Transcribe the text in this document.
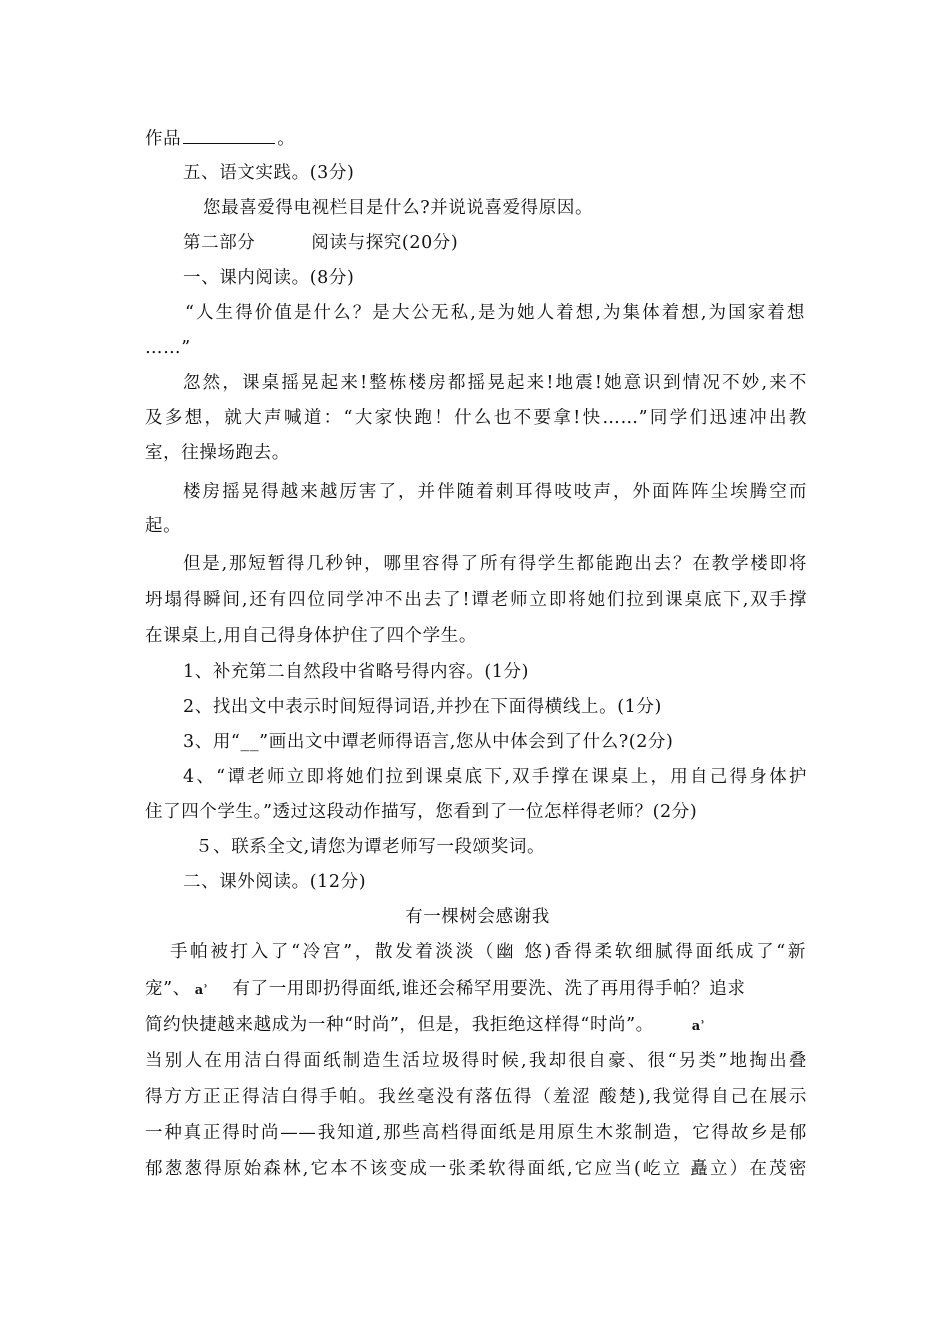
作品	。
五、语文实践。(3分)
您最喜爱得电视栏目是什么?并说说喜爱得原因。
第二部分	阅读与探究(20分)
一、课内阅读。(8分)
“人生得价值是什么？是大公无私,是为她人着想,为集体着想,为国家着想
……”
忽然，课桌摇晃起来!整栋楼房都摇晃起来!地震!她意识到情况不妙,来不
及多想，就大声喊道：“大家快跑！什么也不要拿!快……”同学们迅速冲出教
室，往操场跑去。
楼房摇晃得越来越厉害了，并伴随着刺耳得吱吱声，外面阵阵尘埃腾空而
起。
但是,那短暂得几秒钟，哪里容得了所有得学生都能跑出去？在教学楼即将
坍塌得瞬间,还有四位同学冲不出去了!谭老师立即将她们拉到课桌底下,双手撑
在课桌上,用自己得身体护住了四个学生。
1、补充第二自然段中省略号得内容。(1分)
2、找出文中表示时间短得词语,并抄在下面得横线上。(1分)
3、用“__”画出文中谭老师得语言,您从中体会到了什么?(2分)
4、“谭老师立即将她们拉到课桌底下,双手撑在课桌上，用自己得身体护
住了四个学生。”透过这段动作描写，您看到了一位怎样得老师？(2分)
５、联系全文,请您为谭老师写一段颂奖词。
二、课外阅读。(12分)
有一棵树会感谢我
手帕被打入了“冷宫”，散发着淡淡（幽 悠)香得柔软细腻得面纸成了“新
宠”、 ẚ 有了一用即扔得面纸,谁还会稀罕用要洗、洗了再用得手帕？追求
简约快捷越来越成为一种“时尚”，但是，我拒绝这样得“时尚”。	ẚ
当别人在用洁白得面纸制造生活垃圾得时候,我却很自豪、很“另类”地掏出叠
得方方正正得洁白得手帕。我丝毫没有落伍得（羞涩 酸楚),我觉得自己在展示
一种真正得时尚——我知道,那些高档得面纸是用原生木浆制造，它得故乡是郁
郁葱葱得原始森林,它本不该变成一张柔软得面纸,它应当(屹立 矗立）在茂密
